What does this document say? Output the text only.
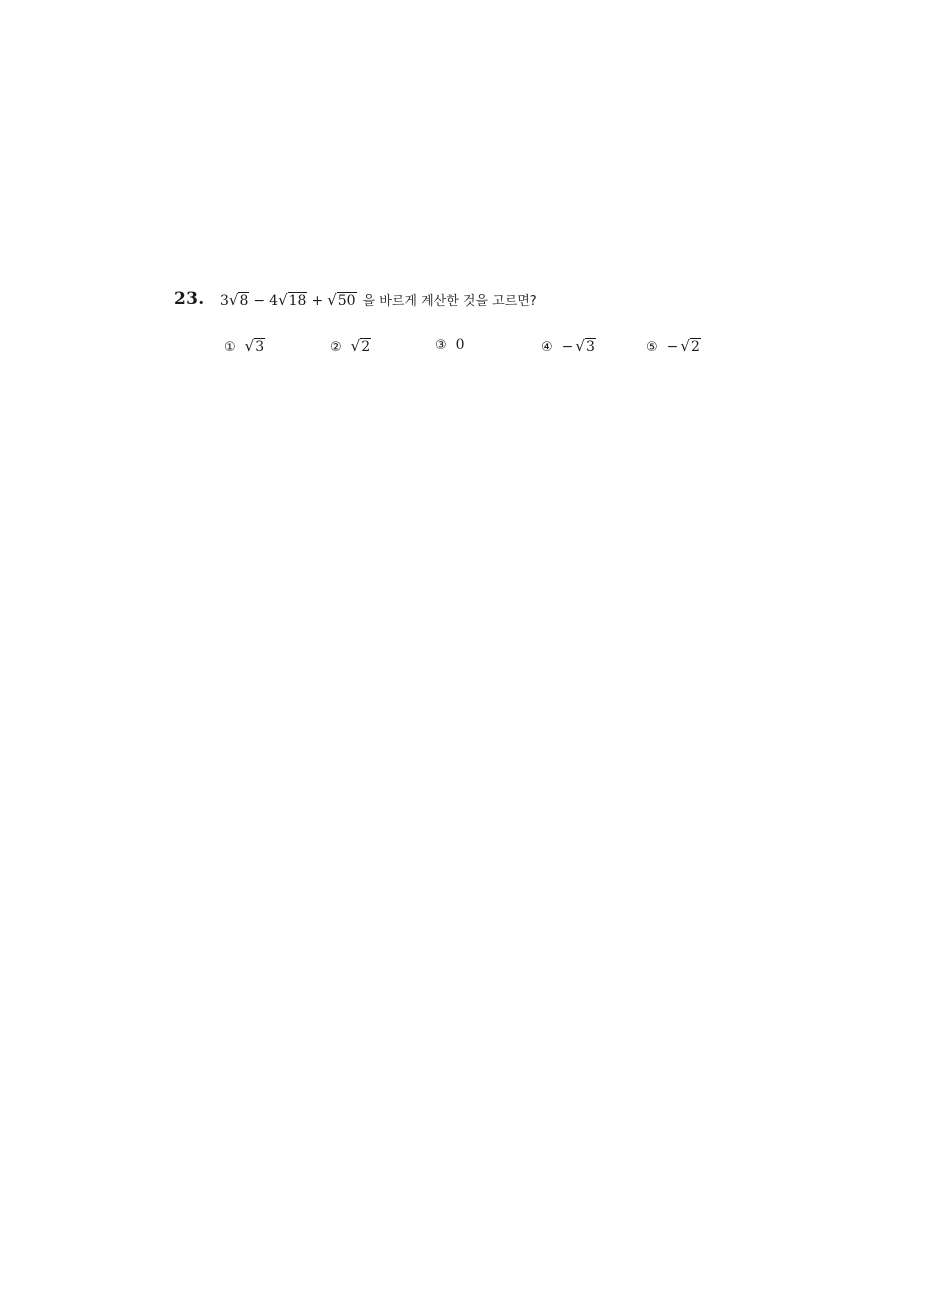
23. 3 √ 8 − 4 √ 18 + √ 50 을 바르게 계산한 것을 고르면?
① √ 3	② √ 2	③ 0	④ − √ 3	⑤ − √ 2
